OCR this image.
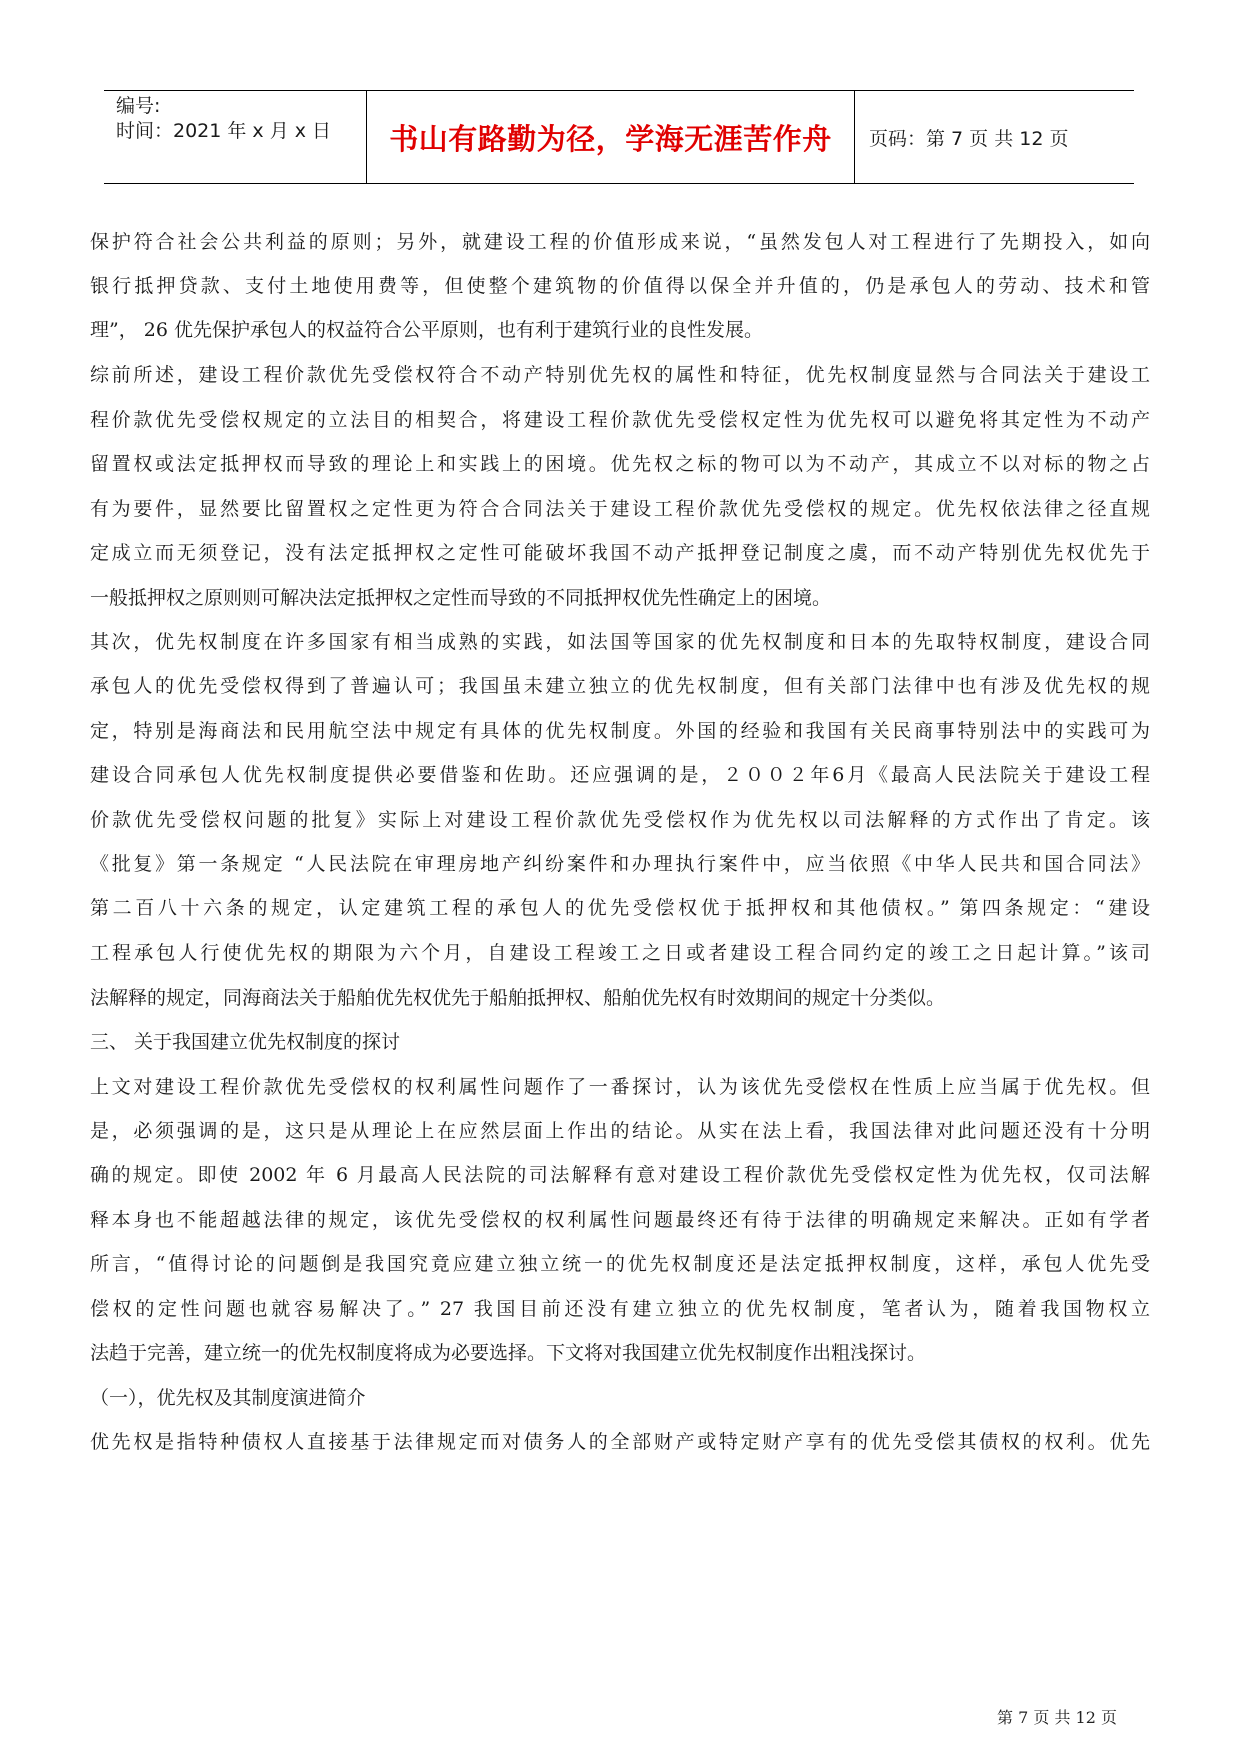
编号:
时间：2021 年 x 月 x 日	书山有路勤为径，学海无涯苦作舟	页码：第 7 页 共 12 页
保护符合社会公共利益的原则；另外，就建设工程的价值形成来说，“虽然发包人对工程进行了先期投入，如向
银行抵押贷款、支付土地使用费等，但使整个建筑物的价值得以保全并升值的，仍是承包人的劳动、技术和管
理”， 26 优先保护承包人的权益符合公平原则，也有利于建筑行业的良性发展。
综前所述，建设工程价款优先受偿权符合不动产特别优先权的属性和特征，优先权制度显然与合同法关于建设工
程价款优先受偿权规定的立法目的相契合，将建设工程价款优先受偿权定性为优先权可以避免将其定性为不动产
留置权或法定抵押权而导致的理论上和实践上的困境。优先权之标的物可以为不动产，其成立不以对标的物之占
有为要件，显然要比留置权之定性更为符合合同法关于建设工程价款优先受偿权的规定。优先权依法律之径直规
定成立而无须登记，没有法定抵押权之定性可能破坏我国不动产抵押登记制度之虞，而不动产特别优先权优先于
一般抵押权之原则则可解决法定抵押权之定性而导致的不同抵押权优先性确定上的困境。
其次，优先权制度在许多国家有相当成熟的实践，如法国等国家的优先权制度和日本的先取特权制度，建设合同
承包人的优先受偿权得到了普遍认可；我国虽未建立独立的优先权制度，但有关部门法律中也有涉及优先权的规
定，特别是海商法和民用航空法中规定有具体的优先权制度。外国的经验和我国有关民商事特别法中的实践可为
建设合同承包人优先权制度提供必要借鉴和佐助。还应强调的是，２００２年6月《最高人民法院关于建设工程
价款优先受偿权问题的批复》实际上对建设工程价款优先受偿权作为优先权以司法解释的方式作出了肯定。该
《批复》第一条规定 “人民法院在审理房地产纠纷案件和办理执行案件中，应当依照《中华人民共和国合同法》
第二百八十六条的规定，认定建筑工程的承包人的优先受偿权优于抵押权和其他债权。” 第四条规定：“建设
工程承包人行使优先权的期限为六个月，自建设工程竣工之日或者建设工程合同约定的竣工之日起计算。”该司
法解释的规定，同海商法关于船舶优先权优先于船舶抵押权、船舶优先权有时效期间的规定十分类似。
三、 关于我国建立优先权制度的探讨
上文对建设工程价款优先受偿权的权利属性问题作了一番探讨，认为该优先受偿权在性质上应当属于优先权。但
是，必须强调的是，这只是从理论上在应然层面上作出的结论。从实在法上看，我国法律对此问题还没有十分明
确的规定。即使 2002 年 6 月最高人民法院的司法解释有意对建设工程价款优先受偿权定性为优先权，仅司法解
释本身也不能超越法律的规定，该优先受偿权的权利属性问题最终还有待于法律的明确规定来解决。正如有学者
所言，“值得讨论的问题倒是我国究竟应建立独立统一的优先权制度还是法定抵押权制度，这样，承包人优先受
偿权的定性问题也就容易解决了。” 27 我国目前还没有建立独立的优先权制度，笔者认为，随着我国物权立
法趋于完善，建立统一的优先权制度将成为必要选择。下文将对我国建立优先权制度作出粗浅探讨。
（一），优先权及其制度演进简介
优先权是指特种债权人直接基于法律规定而对债务人的全部财产或特定财产享有的优先受偿其债权的权利。优先
第 7 页 共 12 页
